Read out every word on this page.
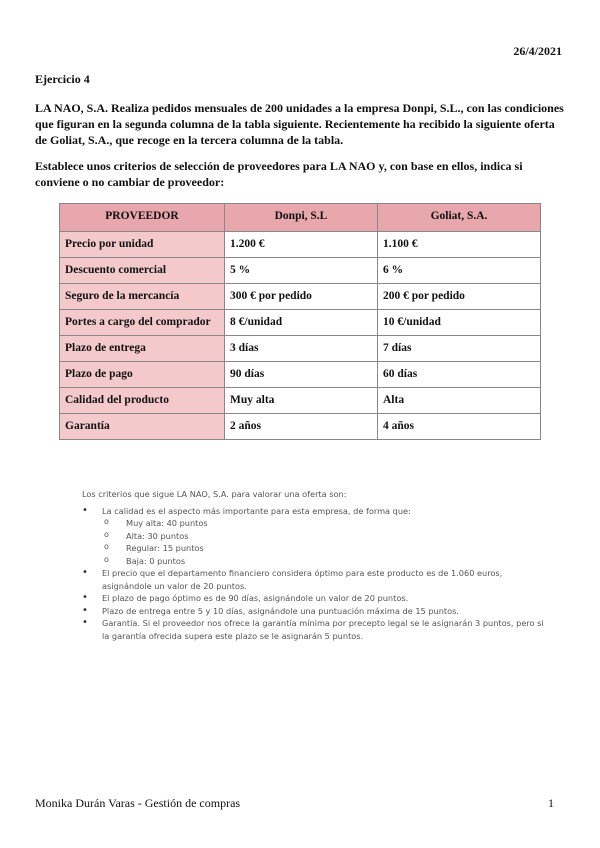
26/4/2021
Ejercicio 4
LA NAO, S.A. Realiza pedidos mensuales de 200 unidades a la empresa Donpi, S.L., con las condiciones que figuran en la segunda columna de la tabla siguiente. Recientemente ha recibido la siguiente oferta de Goliat, S.A., que recoge en la tercera columna de la tabla.
Establece unos criterios de selección de proveedores para LA NAO y, con base en ellos, indica si conviene o no cambiar de proveedor:
PROVEEDOR	Donpi, S.L	Goliat, S.A.
Precio por unidad	1.200 €	1.100 €
Descuento comercial	5 %	6 %
Seguro de la mercancía	300 € por pedido	200 € por pedido
Portes a cargo del comprador	8 €/unidad	10 €/unidad
Plazo de entrega	3 días	7 días
Plazo de pago	90 días	60 días
Calidad del producto	Muy alta	Alta
Garantía	2 años	4 años
Los criterios que sigue LA NAO, S.A. para valorar una oferta son:
• La calidad es el aspecto más importante para esta empresa, de forma que:
o Muy alta: 40 puntos
o Alta: 30 puntos
o Regular: 15 puntos
o Baja: 0 puntos
• El precio que el departamento financiero considera óptimo para este producto es de 1.060 euros, asignándole un valor de 20 puntos.
• El plazo de pago óptimo es de 90 días, asignándole un valor de 20 puntos.
• Plazo de entrega entre 5 y 10 días, asignándole una puntuación máxima de 15 puntos.
• Garantía. Si el proveedor nos ofrece la garantía mínima por precepto legal se le asignarán 3 puntos, pero si la garantía ofrecida supera este plazo se le asignarán 5 puntos.
Monika Durán Varas - Gestión de compras	1
